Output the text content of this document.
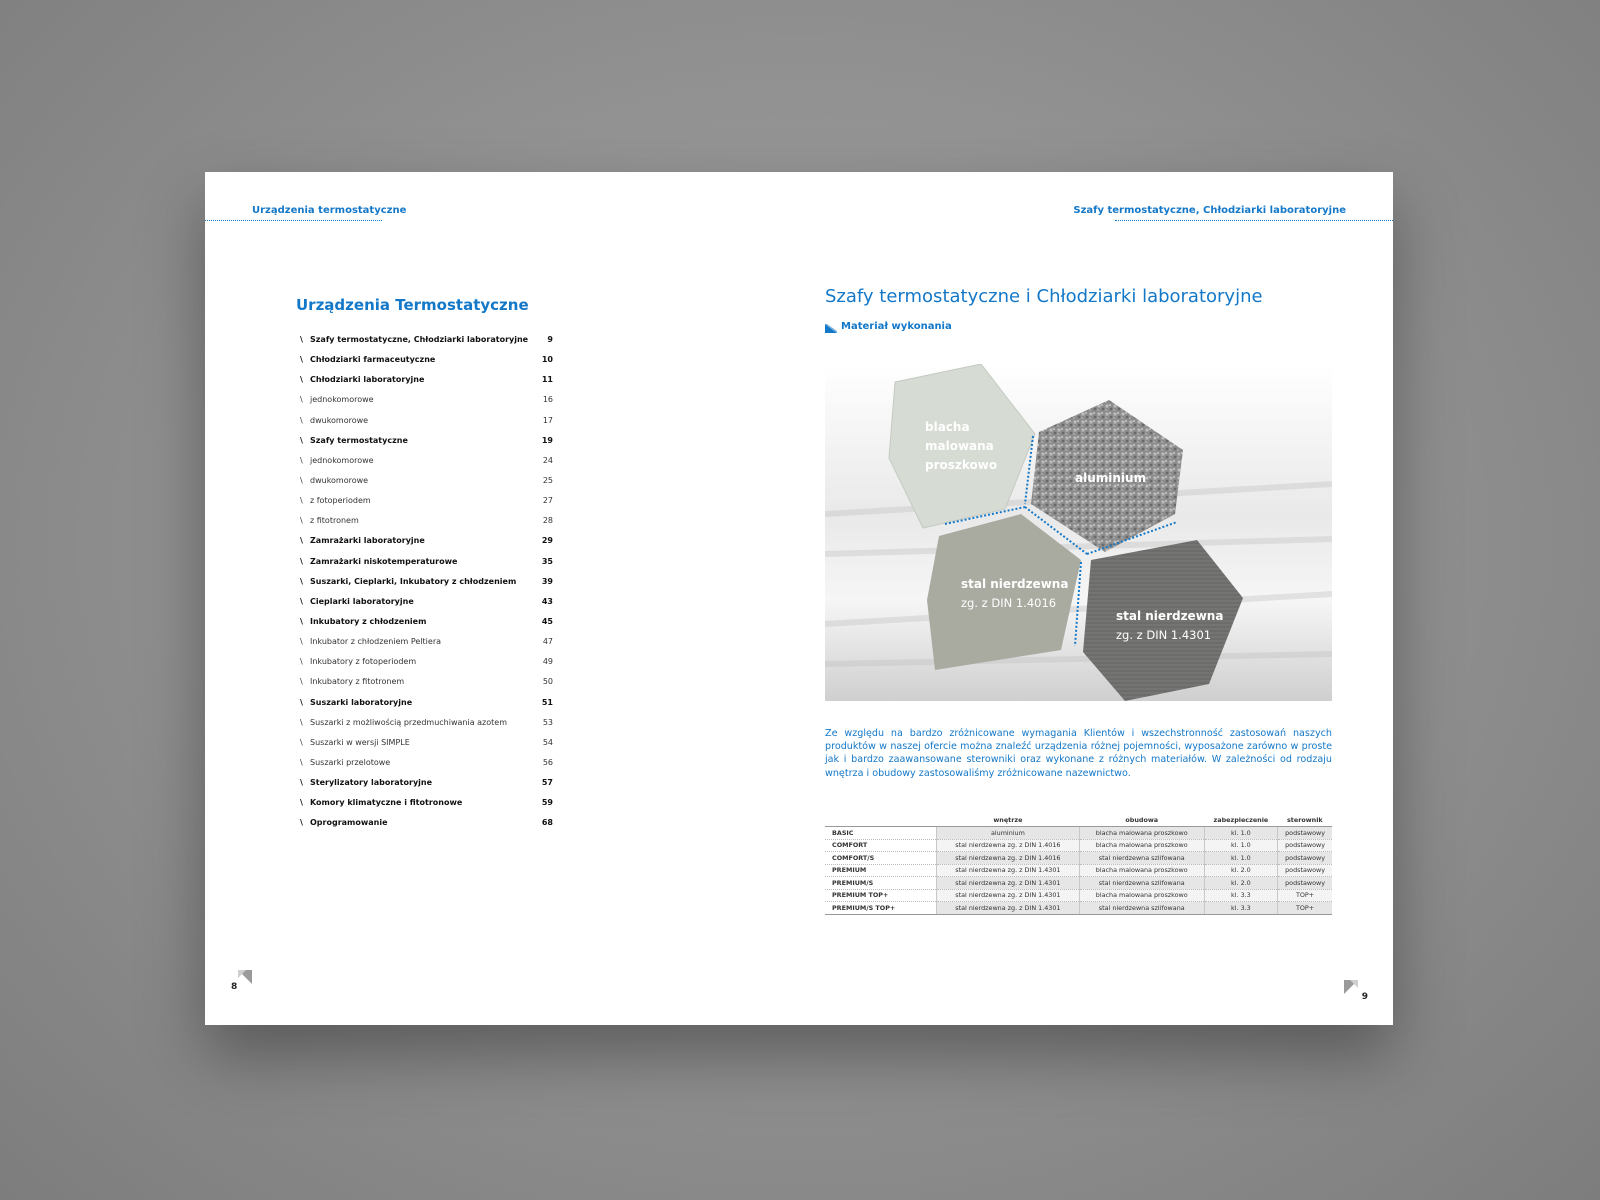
Urządzenia termostatyczne
Urządzenia Termostatyczne
\ Szafy termostatyczne, Chłodziarki laboratoryjne	9
\ Chłodziarki farmaceutyczne	10
\ Chłodziarki laboratoryjne	11
\ jednokomorowe	16
\ dwukomorowe	17
\ Szafy termostatyczne	19
\ jednokomorowe	24
\ dwukomorowe	25
\ z fotoperiodem	27
\ z fitotronem	28
\ Zamrażarki laboratoryjne	29
\ Zamrażarki niskotemperaturowe	35
\ Suszarki, Cieplarki, Inkubatory z chłodzeniem	39
\ Cieplarki laboratoryjne	43
\ Inkubatory z chłodzeniem	45
\ Inkubator z chłodzeniem Peltiera	47
\ Inkubatory z fotoperiodem	49
\ Inkubatory z fitotronem	50
\ Suszarki laboratoryjne	51
\ Suszarki z możliwością przedmuchiwania azotem	53
\ Suszarki w wersji SIMPLE	54
\ Suszarki przelotowe	56
\ Sterylizatory laboratoryjne	57
\ Komory klimatyczne i fitotronowe	59
\ Oprogramowanie	68
8
Szafy termostatyczne, Chłodziarki laboratoryjne
Szafy termostatyczne i Chłodziarki laboratoryjne
Materiał wykonania
blacha
malowana
proszkowo
aluminium
stal nierdzewna
zg. z DIN 1.4016
stal nierdzewna
zg. z DIN 1.4301
Ze względu na bardzo zróżnicowane wymagania Klientów i wszechstronność zastosowań naszych produktów w naszej ofercie można znaleźć urządzenia różnej pojemności, wyposażone zarówno w proste jak i bardzo zaawansowane sterowniki oraz wykonane z różnych materiałów. W zależności od rodzaju wnętrza i obudowy zastosowaliśmy zróżnicowane nazewnictwo.
	wnętrze	obudowa	zabezpieczenie	sterownik
BASIC	aluminium	blacha malowana proszkowo	kl. 1.0	podstawowy
COMFORT	stal nierdzewna zg. z DIN 1.4016	blacha malowana proszkowo	kl. 1.0	podstawowy
COMFORT/S	stal nierdzewna zg. z DIN 1.4016	stal nierdzewna szlifowana	kl. 1.0	podstawowy
PREMIUM	stal nierdzewna zg. z DIN 1.4301	blacha malowana proszkowo	kl. 2.0	podstawowy
PREMIUM/S	stal nierdzewna zg. z DIN 1.4301	stal nierdzewna szlifowana	kl. 2.0	podstawowy
PREMIUM TOP+	stal nierdzewna zg. z DIN 1.4301	blacha malowana proszkowo	kl. 3.3	TOP+
PREMIUM/S TOP+	stal nierdzewna zg. z DIN 1.4301	stal nierdzewna szlifowana	kl. 3.3	TOP+
9
